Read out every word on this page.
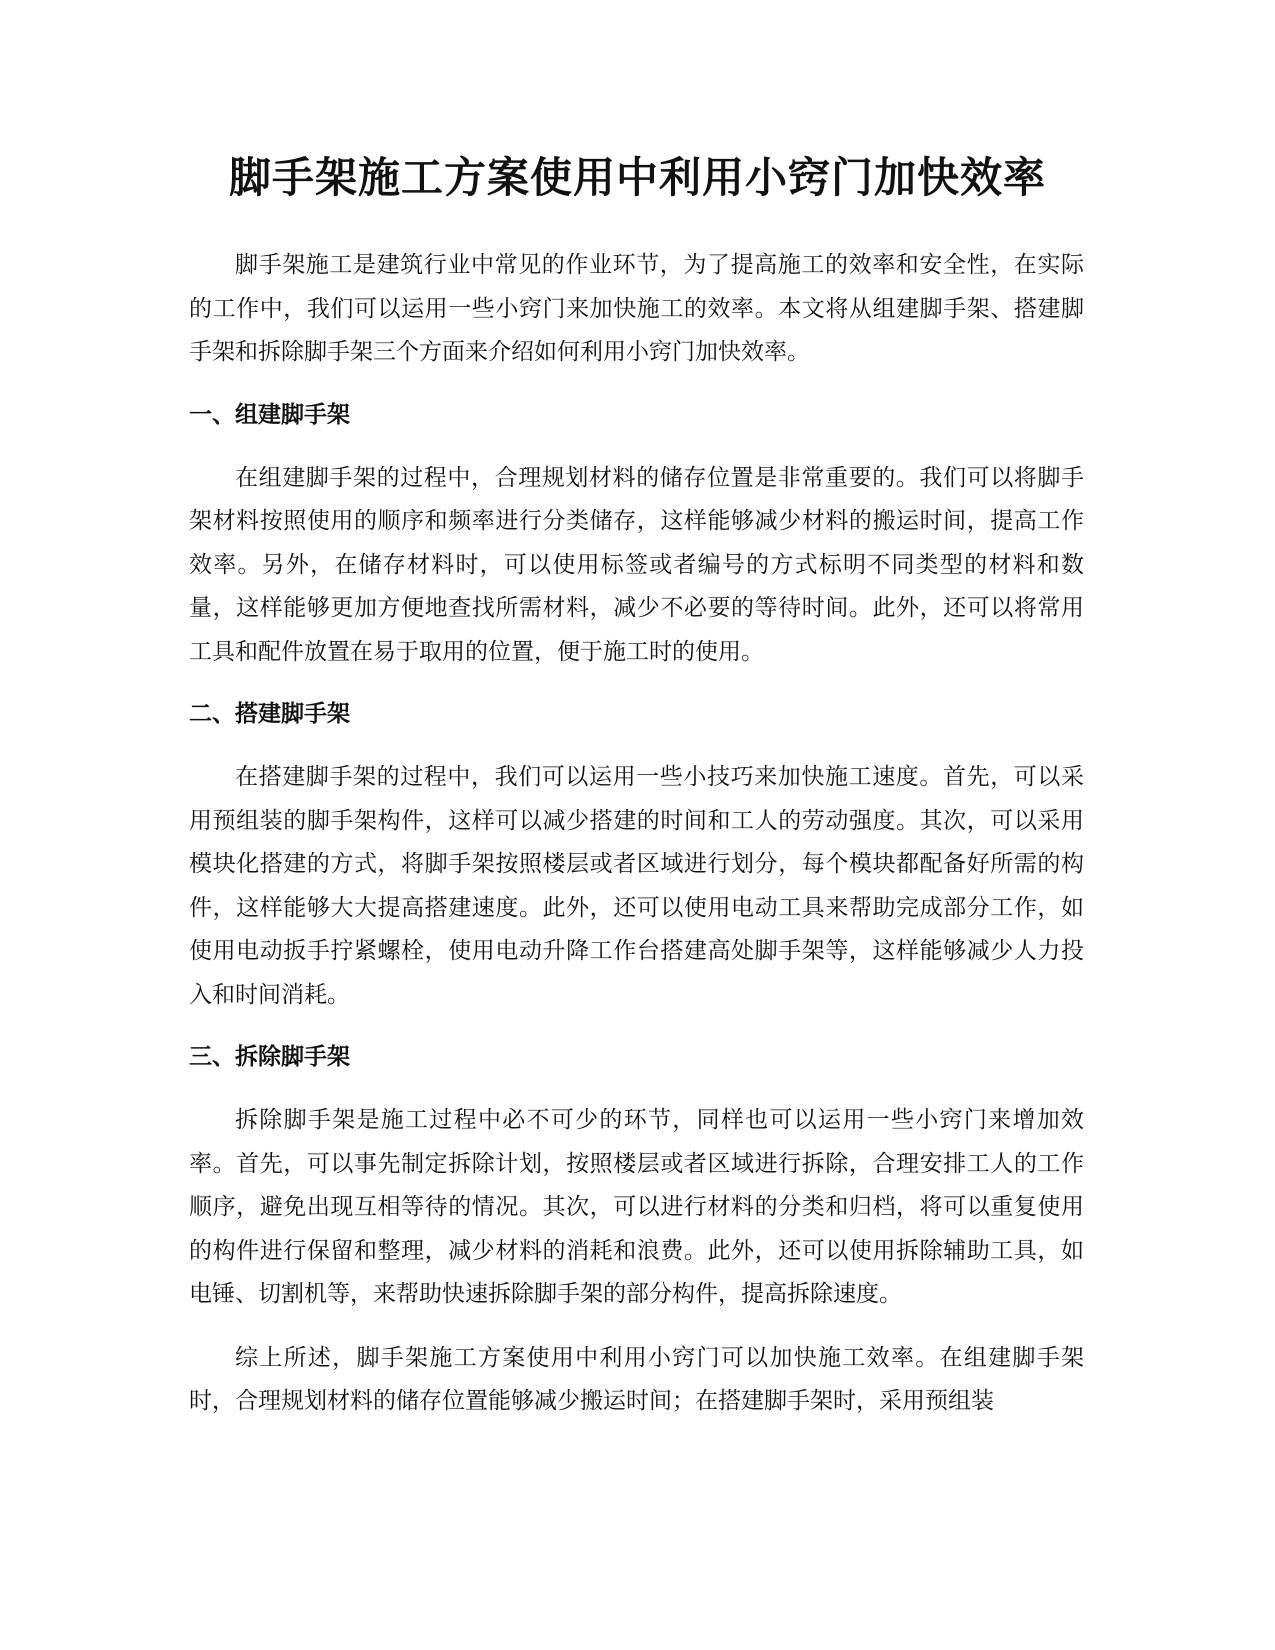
脚手架施工方案使用中利用小窍门加快效率

脚手架施工是建筑行业中常见的作业环节，为了提高施工的效率和安全性，在实际的工作中，我们可以运用一些小窍门来加快施工的效率。本文将从组建脚手架、搭建脚手架和拆除脚手架三个方面来介绍如何利用小窍门加快效率。

一、组建脚手架

在组建脚手架的过程中，合理规划材料的储存位置是非常重要的。我们可以将脚手架材料按照使用的顺序和频率进行分类储存，这样能够减少材料的搬运时间，提高工作效率。另外，在储存材料时，可以使用标签或者编号的方式标明不同类型的材料和数量，这样能够更加方便地查找所需材料，减少不必要的等待时间。此外，还可以将常用工具和配件放置在易于取用的位置，便于施工时的使用。

二、搭建脚手架

在搭建脚手架的过程中，我们可以运用一些小技巧来加快施工速度。首先，可以采用预组装的脚手架构件，这样可以减少搭建的时间和工人的劳动强度。其次，可以采用模块化搭建的方式，将脚手架按照楼层或者区域进行划分，每个模块都配备好所需的构件，这样能够大大提高搭建速度。此外，还可以使用电动工具来帮助完成部分工作，如使用电动扳手拧紧螺栓，使用电动升降工作台搭建高处脚手架等，这样能够减少人力投入和时间消耗。

三、拆除脚手架

拆除脚手架是施工过程中必不可少的环节，同样也可以运用一些小窍门来增加效率。首先，可以事先制定拆除计划，按照楼层或者区域进行拆除，合理安排工人的工作顺序，避免出现互相等待的情况。其次，可以进行材料的分类和归档，将可以重复使用的构件进行保留和整理，减少材料的消耗和浪费。此外，还可以使用拆除辅助工具，如电锤、切割机等，来帮助快速拆除脚手架的部分构件，提高拆除速度。

综上所述，脚手架施工方案使用中利用小窍门可以加快施工效率。在组建脚手架时，合理规划材料的储存位置能够减少搬运时间；在搭建脚手架时，采用预组装
